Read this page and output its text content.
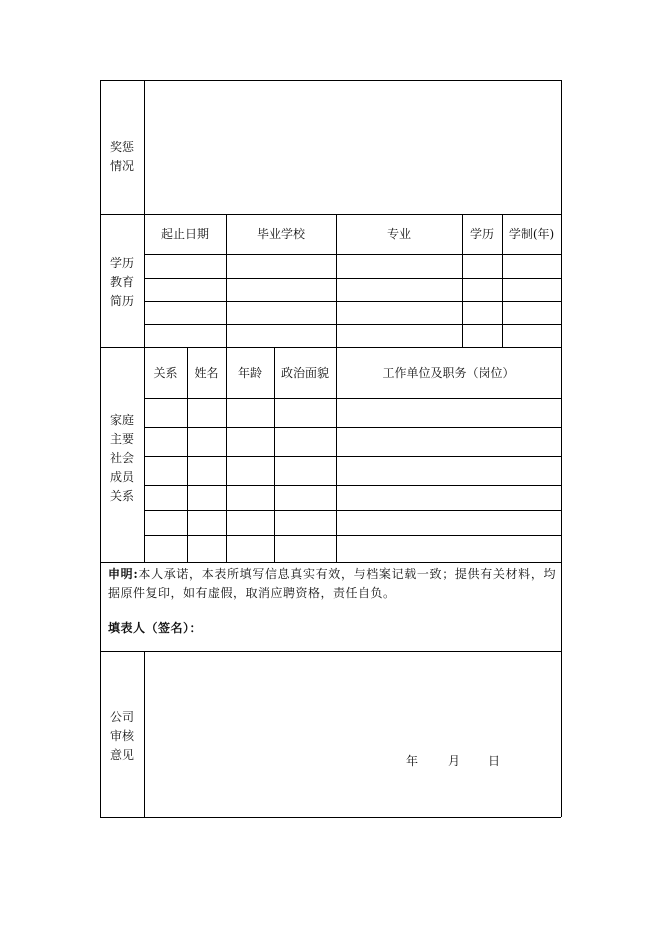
奖惩
情况
学历
教育
简历
起止日期	毕业学校	专业	学历	学制(年)
家庭
主要
社会
成员
关系
关系	姓名	年龄	政治面貌	工作单位及职务（岗位）
申明:本人承诺，本表所填写信息真实有效，与档案记载一致；提供有关材料，均据原件复印，如有虚假，取消应聘资格，责任自负。
填表人（签名）：
公司
审核
意见	年 月 日
